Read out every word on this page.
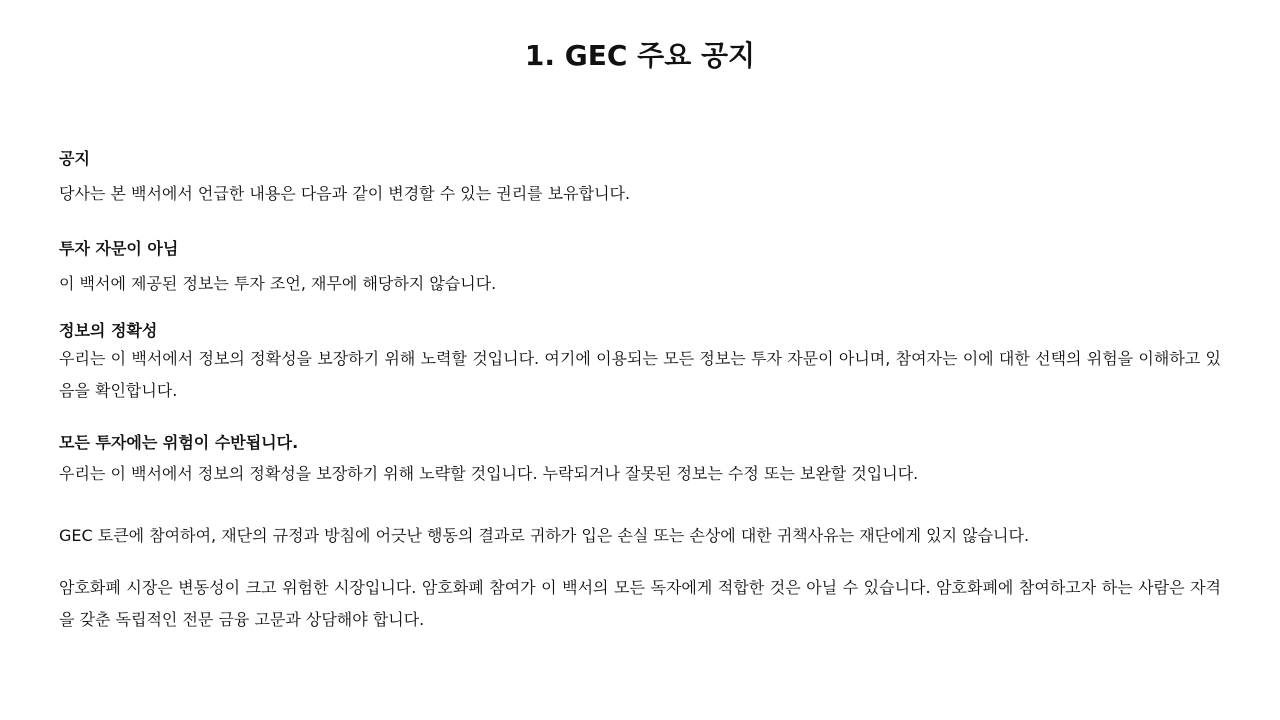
1. GEC 주요 공지
공지

당사는 본 백서에서 언급한 내용은 다음과 같이 변경할 수 있는 권리를 보유합니다.

투자 자문이 아님

이 백서에 제공된 정보는 투자 조언, 재무에 해당하지 않습니다.

정보의 정확성

우리는 이 백서에서 정보의 정확성을 보장하기 위해 노력할 것입니다. 여기에 이용되는 모든 정보는 투자 자문이 아니며, 참여자는 이에 대한 선택의 위험을 이해하고 있음을 확인합니다.

모든 투자에는 위험이 수반됩니다.

우리는 이 백서에서 정보의 정확성을 보장하기 위해 노략할 것입니다. 누락되거나 잘못된 정보는 수정 또는 보완할 것입니다.

GEC 토큰에 참여하여, 재단의 규정과 방침에 어긋난 행동의 결과로 귀하가 입은 손실 또는 손상에 대한 귀책사유는 재단에게 있지 않습니다.

암호화폐 시장은 변동성이 크고 위험한 시장입니다. 암호화폐 참여가 이 백서의 모든 독자에게 적합한 것은 아닐 수 있습니다. 암호화폐에 참여하고자 하는 사람은 자격을 갖춘 독립적인 전문 금융 고문과 상담해야 합니다.
